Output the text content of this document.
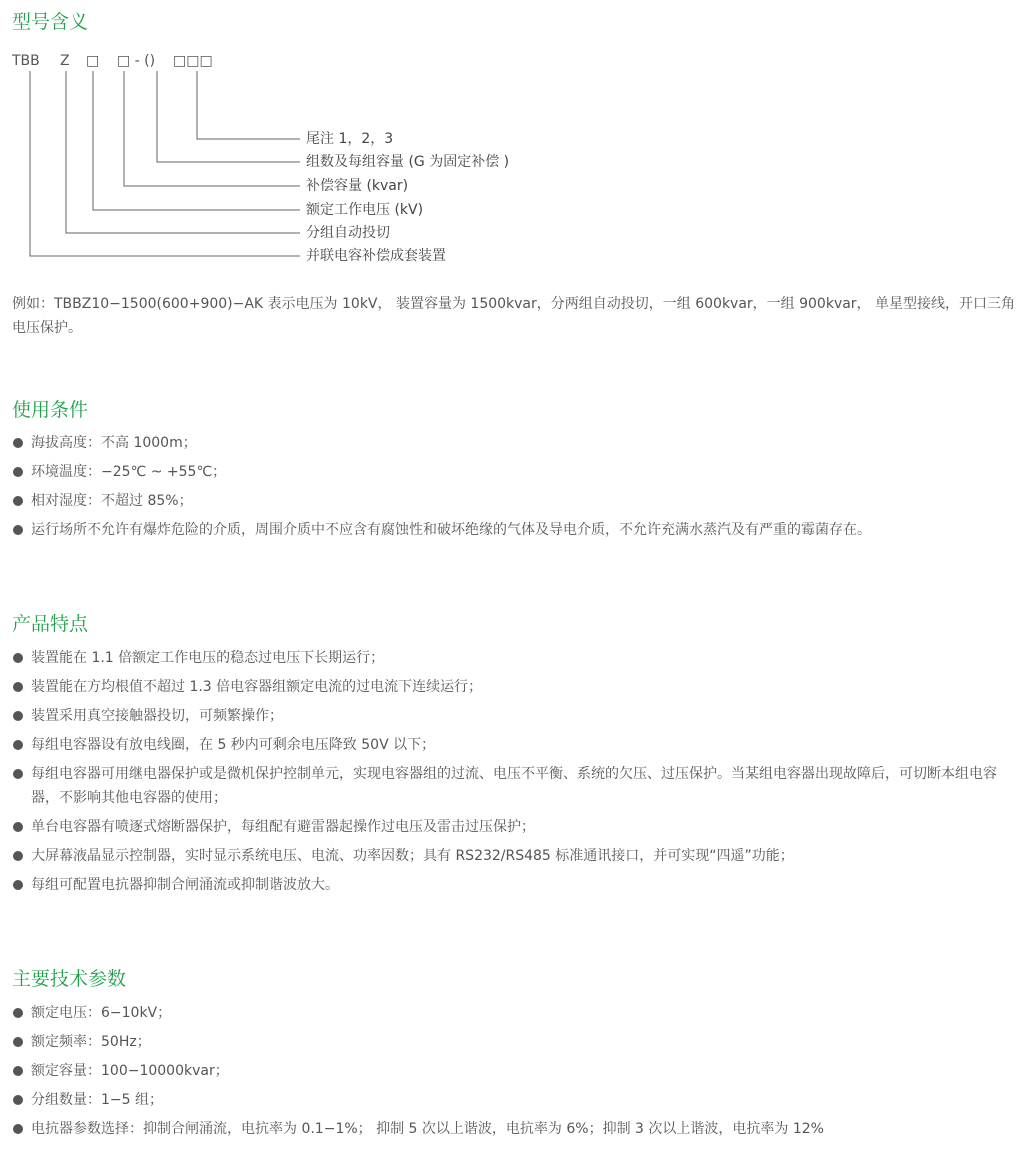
型号含义
TBB Z □ □ - () □□□
尾注 1，2，3
组数及每组容量 (G 为固定补偿 )
补偿容量 (kvar)
额定工作电压 (kV)
分组自动投切
并联电容补偿成套装置

例如：TBBZ10−1500(600+900)−AK 表示电压为 10kV， 装置容量为 1500kvar，分两组自动投切，一组 600kvar，一组 900kvar， 单星型接线，开口三角电压保护。

使用条件
海拔高度：不高 1000m；
环境温度：−25℃ ~ +55℃；
相对湿度：不超过 85%；
运行场所不允许有爆炸危险的介质，周围介质中不应含有腐蚀性和破坏绝缘的气体及导电介质，不允许充满水蒸汽及有严重的霉菌存在。
产品特点
装置能在 1.1 倍额定工作电压的稳态过电压下长期运行；
装置能在方均根值不超过 1.3 倍电容器组额定电流的过电流下连续运行；
装置采用真空接触器投切，可频繁操作；
每组电容器设有放电线圈，在 5 秒内可剩余电压降致 50V 以下；
每组电容器可用继电器保护或是微机保护控制单元，实现电容器组的过流、电压不平衡、系统的欠压、过压保护。当某组电容器出现故障后，可切断本组电容器，不影响其他电容器的使用；
单台电容器有喷逐式熔断器保护，每组配有避雷器起操作过电压及雷击过压保护；
大屏幕液晶显示控制器，实时显示系统电压、电流、功率因数；具有 RS232/RS485 标准通讯接口，并可实现“四遥”功能；
每组可配置电抗器抑制合闸涌流或抑制谐波放大。
主要技术参数
额定电压：6−10kV；
额定频率：50Hz；
额定容量：100−10000kvar；
分组数量：1−5 组；
电抗器参数选择：抑制合闸涌流，电抗率为 0.1−1%； 抑制 5 次以上谐波，电抗率为 6%；抑制 3 次以上谐波，电抗率为 12%
